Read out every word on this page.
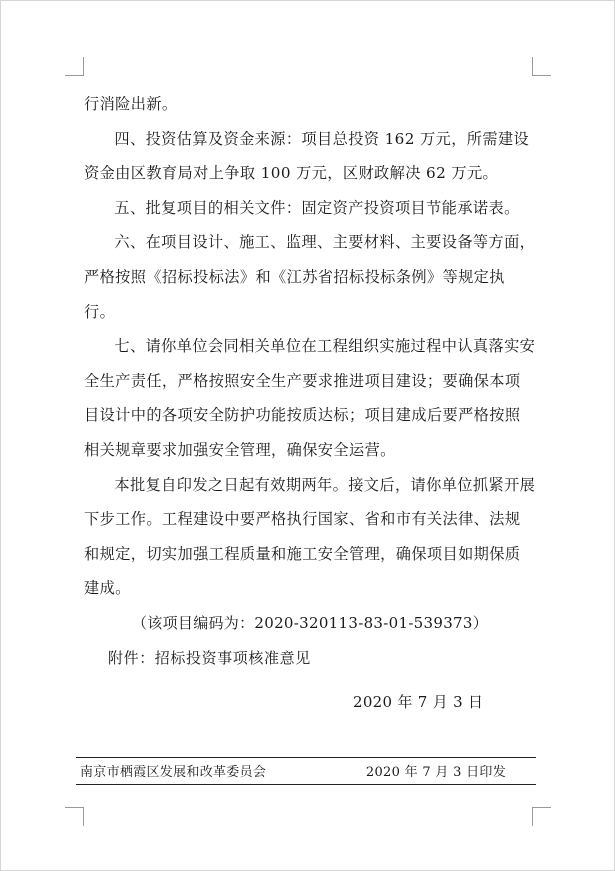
行消险出新。

四、投资估算及资金来源：项目总投资 162 万元，所需建设资金由区教育局对上争取 100 万元，区财政解决 62 万元。

五、批复项目的相关文件：固定资产投资项目节能承诺表。

六、在项目设计、施工、监理、主要材料、主要设备等方面，严格按照《招标投标法》和《江苏省招标投标条例》等规定执行。

七、请你单位会同相关单位在工程组织实施过程中认真落实安全生产责任，严格按照安全生产要求推进项目建设；要确保本项目设计中的各项安全防护功能按质达标；项目建成后要严格按照相关规章要求加强安全管理，确保安全运营。

本批复自印发之日起有效期两年。接文后，请你单位抓紧开展下步工作。工程建设中要严格执行国家、省和市有关法律、法规和规定，切实加强工程质量和施工安全管理，确保项目如期保质建成。

（该项目编码为：2020-320113-83-01-539373）

附件：招标投资事项核准意见

2020 年 7 月 3 日
南京市栖霞区发展和改革委员会	2020 年 7 月 3 日印发
